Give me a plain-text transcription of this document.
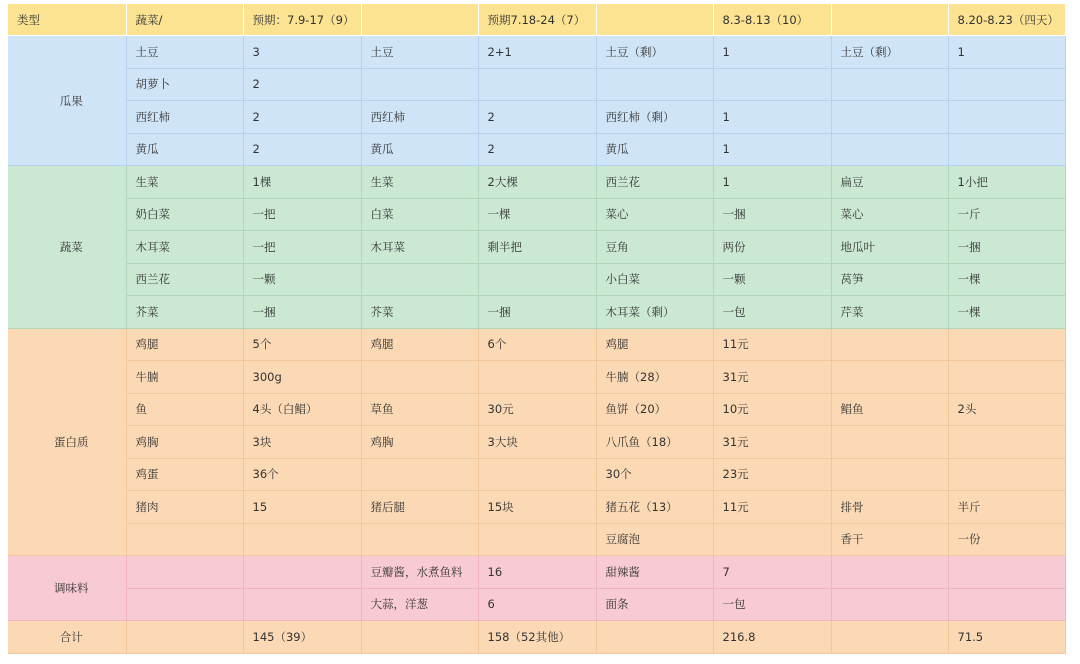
类型	蔬菜/	预期：7.9-17（9）		预期7.18-24（7）		8.3-8.13（10）		8.20-8.23（四天）
瓜果	土豆	3	土豆	2+1	土豆（剩）	1	土豆（剩）	1
	胡萝卜	2						
	西红柿	2	西红柿	2	西红柿（剩）	1		
	黄瓜	2	黄瓜	2	黄瓜	1		
蔬菜	生菜	1棵	生菜	2大棵	西兰花	1	扁豆	1小把
	奶白菜	一把	白菜	一棵	菜心	一捆	菜心	一斤
	木耳菜	一把	木耳菜	剩半把	豆角	两份	地瓜叶	一捆
	西兰花	一颗			小白菜	一颗	莴笋	一棵
	芥菜	一捆	芥菜	一捆	木耳菜（剩）	一包	芹菜	一棵
蛋白质	鸡腿	5个	鸡腿	6个	鸡腿	11元		
	牛腩	300g			牛腩（28）	31元		
	鱼	4头（白鲳）	草鱼	30元	鱼饼（20）	10元	鲳鱼	2头
	鸡胸	3块	鸡胸	3大块	八爪鱼（18）	31元		
	鸡蛋	36个			30个	23元		
	猪肉	15	猪后腿	15块	猪五花（13）	11元	排骨	半斤
					豆腐泡		香干	一份
调味料			豆瓣酱，水煮鱼料	16	甜辣酱	7		
			大蒜，洋葱	6	面条	一包		
合计		145（39）		158（52其他）		216.8		71.5
